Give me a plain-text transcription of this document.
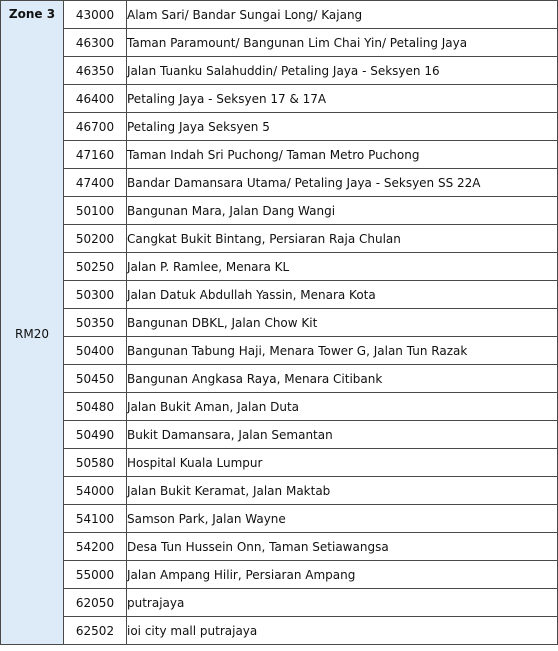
Zone 3
RM20	43000	Alam Sari/ Bandar Sungai Long/ Kajang
	46300	Taman Paramount/ Bangunan Lim Chai Yin/ Petaling Jaya
	46350	Jalan Tuanku Salahuddin/ Petaling Jaya - Seksyen 16
	46400	Petaling Jaya - Seksyen 17 & 17A
	46700	Petaling Jaya Seksyen 5
	47160	Taman Indah Sri Puchong/ Taman Metro Puchong
	47400	Bandar Damansara Utama/ Petaling Jaya - Seksyen SS 22A
	50100	Bangunan Mara, Jalan Dang Wangi
	50200	Cangkat Bukit Bintang, Persiaran Raja Chulan
	50250	Jalan P. Ramlee, Menara KL
	50300	Jalan Datuk Abdullah Yassin, Menara Kota
	50350	Bangunan DBKL, Jalan Chow Kit
	50400	Bangunan Tabung Haji, Menara Tower G, Jalan Tun Razak
	50450	Bangunan Angkasa Raya, Menara Citibank
	50480	Jalan Bukit Aman, Jalan Duta
	50490	Bukit Damansara, Jalan Semantan
	50580	Hospital Kuala Lumpur
	54000	Jalan Bukit Keramat, Jalan Maktab
	54100	Samson Park, Jalan Wayne
	54200	Desa Tun Hussein Onn, Taman Setiawangsa
	55000	Jalan Ampang Hilir, Persiaran Ampang
	62050	putrajaya
	62502	ioi city mall putrajaya
